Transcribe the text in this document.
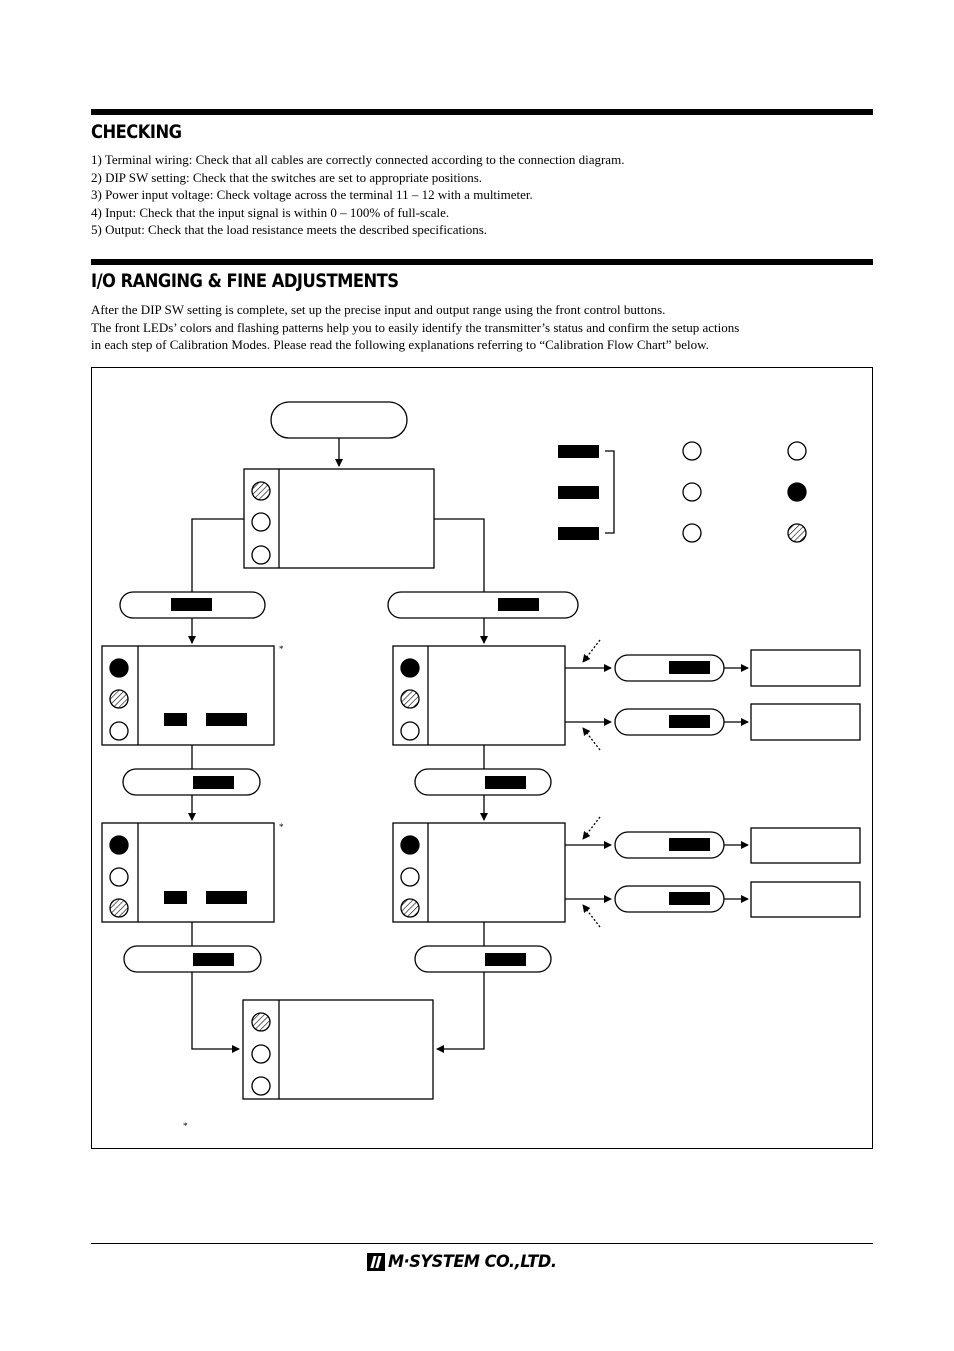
CHECKING
1) Terminal wiring: Check that all cables are correctly connected according to the connection diagram.
2) DIP SW setting: Check that the switches are set to appropriate positions.
3) Power input voltage: Check voltage across the terminal 11 – 12 with a multimeter.
4) Input: Check that the input signal is within 0 – 100% of full-scale.
5) Output: Check that the load resistance meets the described specifications.
I/O RANGING & FINE ADJUSTMENTS
After the DIP SW setting is complete, set up the precise input and output range using the front control buttons.
The front LEDs’ colors and flashing patterns help you to easily identify the transmitter’s status and confirm the setup actions
in each step of Calibration Modes. Please read the following explanations referring to “Calibration Flow Chart” below.
*
*
*
M·SYSTEM CO.,LTD.
